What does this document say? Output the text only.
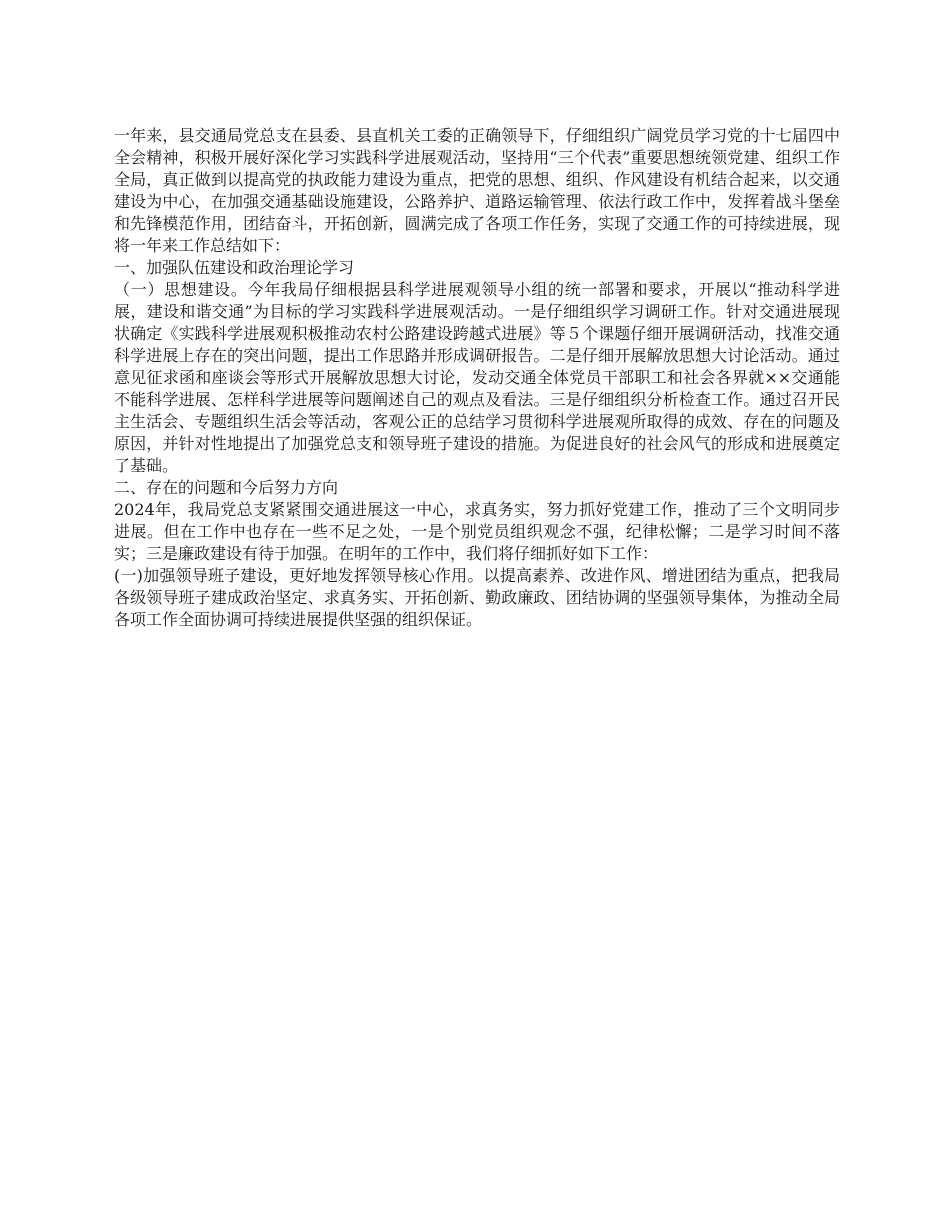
一年来，县交通局党总支在县委、县直机关工委的正确领导下，仔细组织广阔党员学习党的十七届四中全会精神，积极开展好深化学习实践科学进展观活动，坚持用“三个代表”重要思想统领党建、组织工作全局，真正做到以提高党的执政能力建设为重点，把党的思想、组织、作风建设有机结合起来，以交通建设为中心，在加强交通基础设施建设，公路养护、道路运输管理、依法行政工作中，发挥着战斗堡垒和先锋模范作用，团结奋斗，开拓创新，圆满完成了各项工作任务，实现了交通工作的可持续进展，现将一年来工作总结如下：

一、加强队伍建设和政治理论学习

（一）思想建设。今年我局仔细根据县科学进展观领导小组的统一部署和要求，开展以“推动科学进展，建设和谐交通”为目标的学习实践科学进展观活动。一是仔细组织学习调研工作。针对交通进展现状确定《实践科学进展观积极推动农村公路建设跨越式进展》等５个课题仔细开展调研活动，找准交通科学进展上存在的突出问题，提出工作思路并形成调研报告。二是仔细开展解放思想大讨论活动。通过意见征求函和座谈会等形式开展解放思想大讨论，发动交通全体党员干部职工和社会各界就××交通能不能科学进展、怎样科学进展等问题阐述自己的观点及看法。三是仔细组织分析检查工作。通过召开民主生活会、专题组织生活会等活动，客观公正的总结学习贯彻科学进展观所取得的成效、存在的问题及原因，并针对性地提出了加强党总支和领导班子建设的措施。为促进良好的社会风气的形成和进展奠定了基础。

二、存在的问题和今后努力方向

2024年，我局党总支紧紧围交通进展这一中心，求真务实，努力抓好党建工作，推动了三个文明同步进展。但在工作中也存在一些不足之处，一是个别党员组织观念不强，纪律松懈；二是学习时间不落实；三是廉政建设有待于加强。在明年的工作中，我们将仔细抓好如下工作：

(一)加强领导班子建设，更好地发挥领导核心作用。以提高素养、改进作风、增进团结为重点，把我局各级领导班子建成政治坚定、求真务实、开拓创新、勤政廉政、团结协调的坚强领导集体，为推动全局各项工作全面协调可持续进展提供坚强的组织保证。
